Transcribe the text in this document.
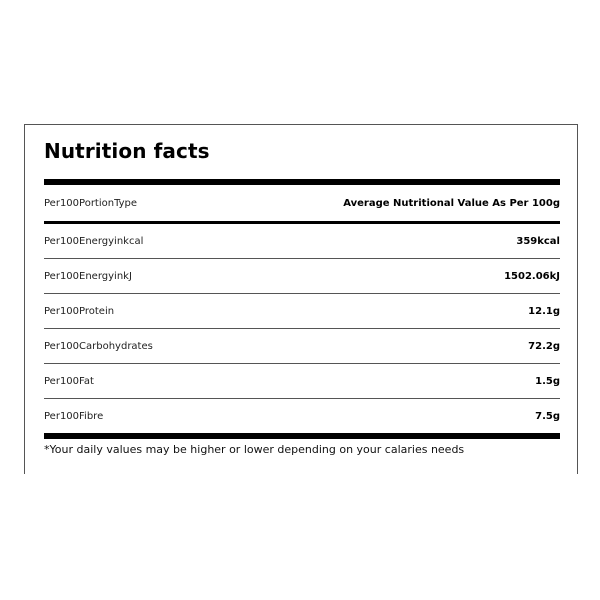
Nutrition facts
Per100PortionType	Average Nutritional Value As Per 100g
Per100Energyinkcal	359kcal
Per100EnergyinkJ	1502.06kJ
Per100Protein	12.1g
Per100Carbohydrates	72.2g
Per100Fat	1.5g
Per100Fibre	7.5g
*Your daily values may be higher or lower depending on your calaries needs
